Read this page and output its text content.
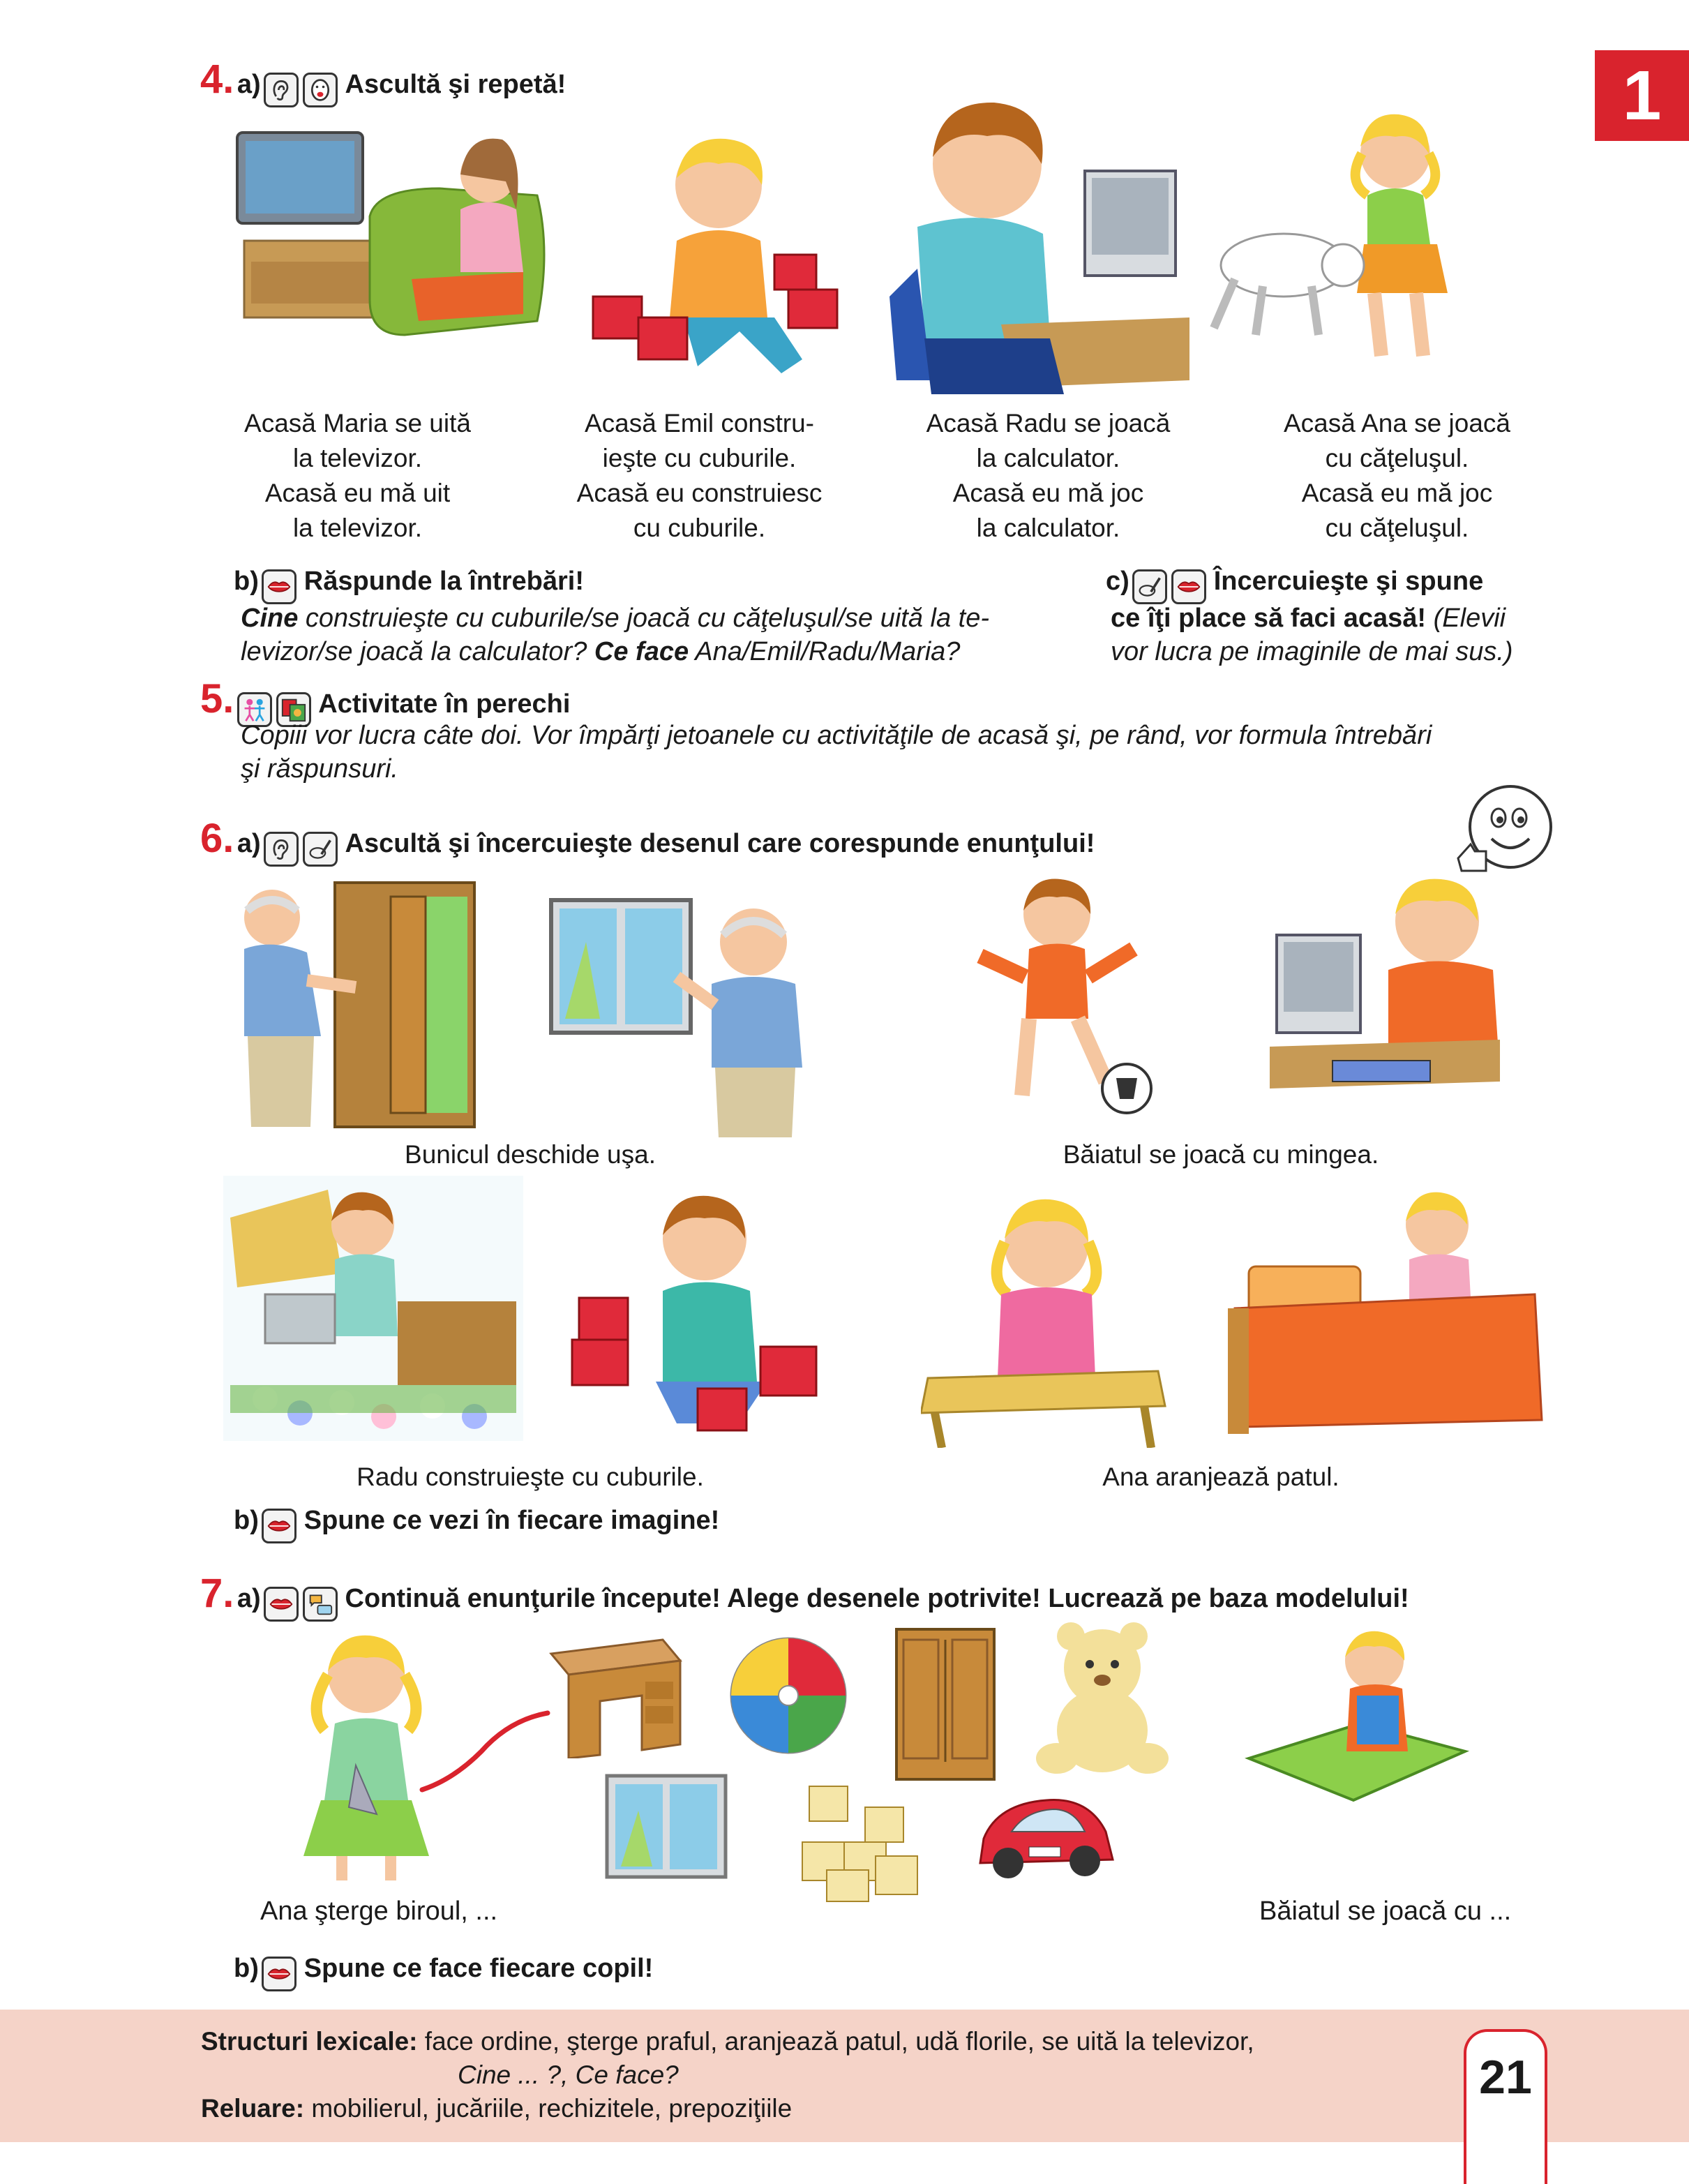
1
4. a)	Ascultă şi repetă!
Acasă Maria se uită
la televizor.
Acasă eu mă uit
la televizor.
Acasă Emil constru-
ieşte cu cuburile.
Acasă eu construiesc
cu cuburile.
Acasă Radu se joacă
la calculator.
Acasă eu mă joc
la calculator.
Acasă Ana se joacă
cu căţeluşul.
Acasă eu mă joc
cu căţeluşul.
b) Răspunde la întrebări!
Cine construieşte cu cuburile/se joacă cu căţeluşul/se uită la te-
levizor/se joacă la calculator? Ce face Ana/Emil/Radu/Maria?
c)	Încercuieşte şi spune
ce îţi place să faci acasă! (Elevii
vor lucra pe imaginile de mai sus.)
5.	Activitate în perechi
Copiii vor lucra câte doi. Vor împărţi jetoanele cu activităţile de acasă şi, pe rând, vor formula întrebări
şi răspunsuri.
6. a)	Ascultă şi încercuieşte desenul care corespunde enunţului!
Bunicul deschide uşa.	Băiatul se joacă cu mingea.
Radu construieşte cu cuburile.	Ana aranjează patul.
b) Spune ce vezi în fiecare imagine!
7. a)	Continuă enunţurile începute! Alege desenele potrivite! Lucrează pe baza modelului!
Ana şterge biroul, ...	Băiatul se joacă cu ...
b) Spune ce face fiecare copil!
Structuri lexicale: face ordine, şterge praful, aranjează patul, udă florile, se uită la televizor,
Cine ... ?, Ce face?
Reluare: mobilierul, jucăriile, rechizitele, prepoziţiile
21
